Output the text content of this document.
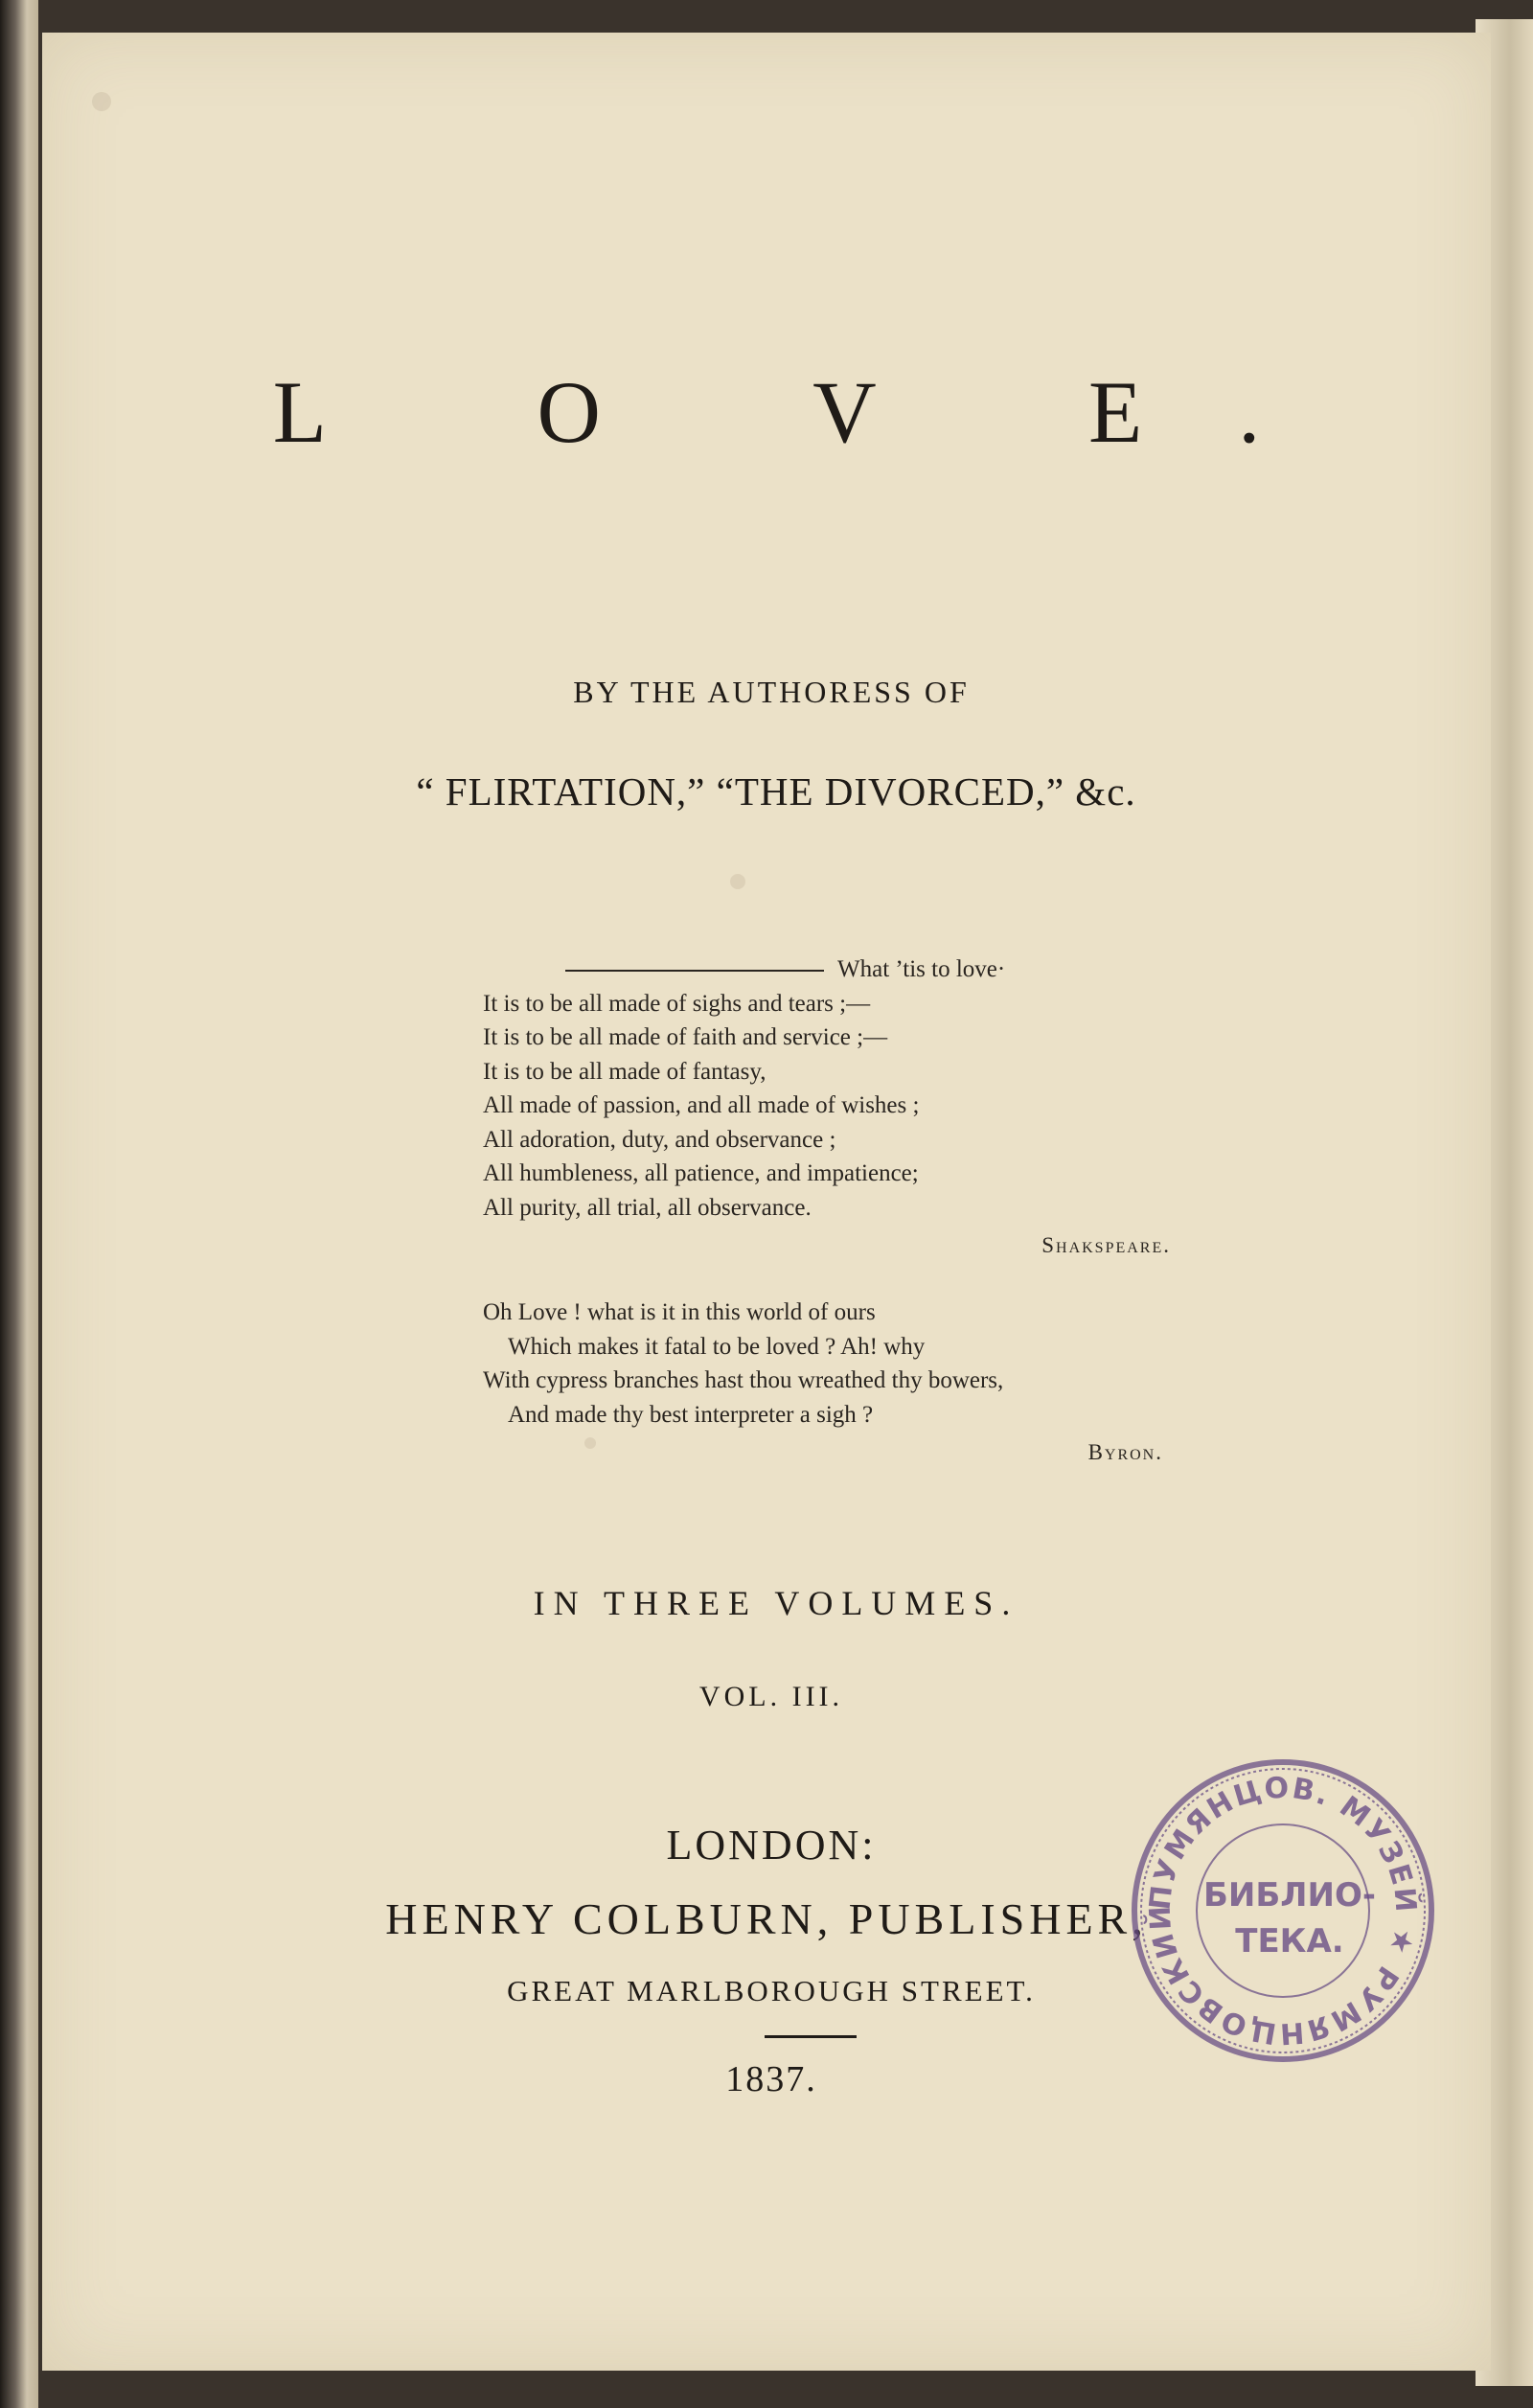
L O V E.
BY THE AUTHORESS OF
“ FLIRTATION,” “THE DIVORCED,” &c.
What ’tis to love·
It is to be all made of sighs and tears ;—
It is to be all made of faith and service ;—
It is to be all made of fantasy,
All made of passion, and all made of wishes ;
All adoration, duty, and observance ;
All humbleness, all patience, and impatience;
All purity, all trial, all observance.
Shakspeare.
Oh Love ! what is it in this world of ours
Which makes it fatal to be loved ? Ah! why
With cypress branches hast thou wreathed thy bowers,
And made thy best interpreter a sigh ?
Byron.
IN THREE VOLUMES.
VOL. III.
LONDON:
HENRY COLBURN, PUBLISHER,
GREAT MARLBOROUGH STREET.
1837.
ПУМЯНЦОВ. МУЗЕЙ ★ РУМЯНЦОВСКИЙ
БИБЛИО-
ТЕКА.
